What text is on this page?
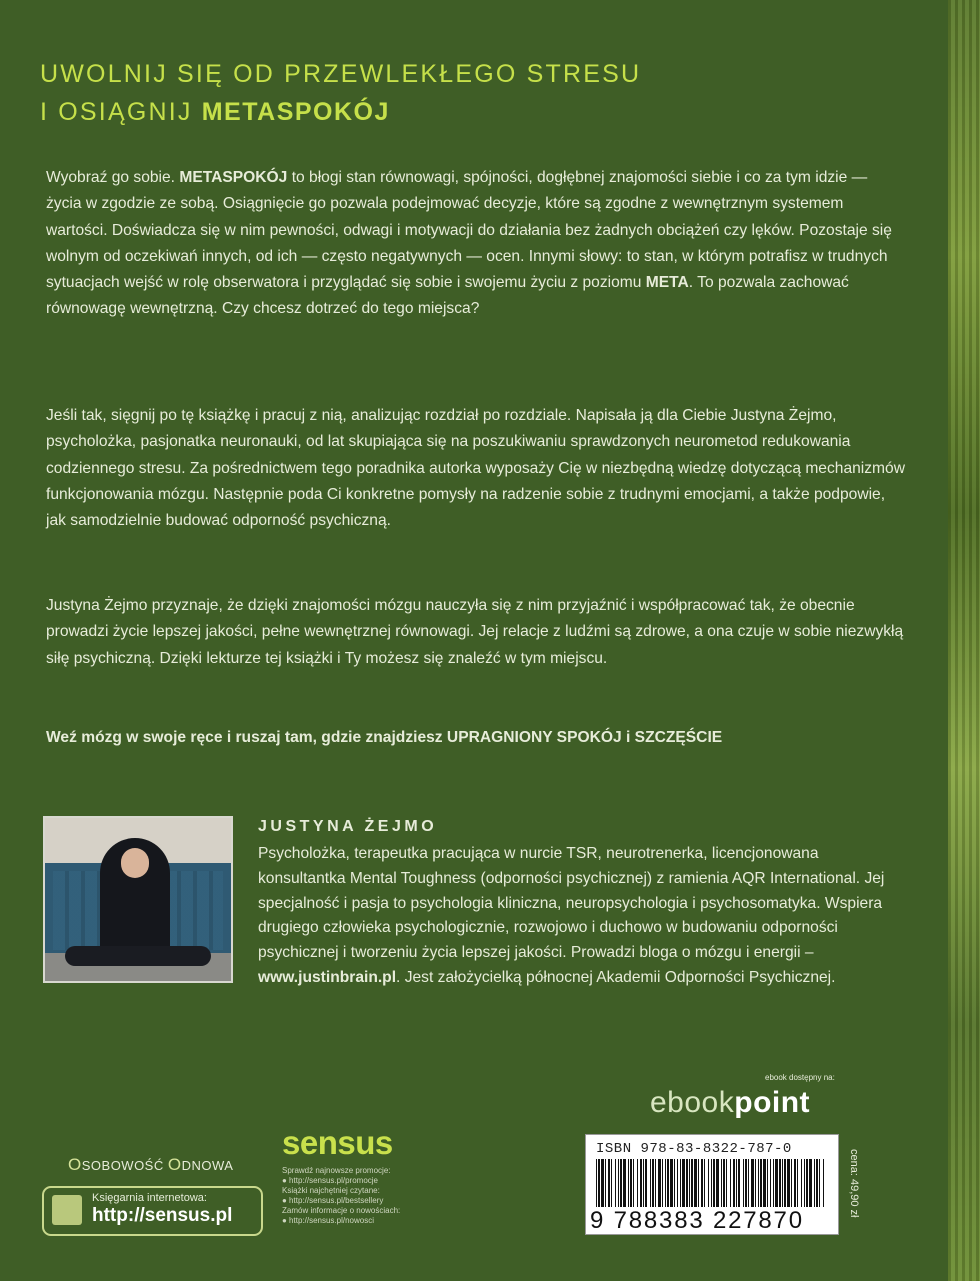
UWOLNIJ SIĘ OD PRZEWLEKŁEGO STRESU
I OSIĄGNIJ METASPOKÓJ
Wyobraź go sobie. METASPOKÓJ to błogi stan równowagi, spójności, dogłębnej znajomości siebie i co za tym idzie — życia w zgodzie ze sobą. Osiągnięcie go pozwala podejmować decyzje, które są zgodne z wewnętrznym systemem wartości. Doświadcza się w nim pewności, odwagi i motywacji do działania bez żadnych obciążeń czy lęków. Pozostaje się wolnym od oczekiwań innych, od ich — często negatywnych — ocen. Innymi słowy: to stan, w którym potrafisz w trudnych sytuacjach wejść w rolę obserwatora i przyglądać się sobie i swojemu życiu z poziomu META. To pozwala zachować równowagę wewnętrzną. Czy chcesz dotrzeć do tego miejsca?
Jeśli tak, sięgnij po tę książkę i pracuj z nią, analizując rozdział po rozdziale. Napisała ją dla Ciebie Justyna Żejmo, psycholożka, pasjonatka neuronauki, od lat skupiająca się na poszukiwaniu sprawdzonych neurometod redukowania codziennego stresu. Za pośrednictwem tego poradnika autorka wyposaży Cię w niezbędną wiedzę dotyczącą mechanizmów funkcjonowania mózgu. Następnie poda Ci konkretne pomysły na radzenie sobie z trudnymi emocjami, a także podpowie, jak samodzielnie budować odporność psychiczną.
Justyna Żejmo przyznaje, że dzięki znajomości mózgu nauczyła się z nim przyjaźnić i współpracować tak, że obecnie prowadzi życie lepszej jakości, pełne wewnętrznej równowagi. Jej relacje z ludźmi są zdrowe, a ona czuje w sobie niezwykłą siłę psychiczną. Dzięki lekturze tej książki i Ty możesz się znaleźć w tym miejscu.
Weź mózg w swoje ręce i ruszaj tam, gdzie znajdziesz UPRAGNIONY SPOKÓJ i SZCZĘŚCIE
JUSTYNA ŻEJMO
Psycholożka, terapeutka pracująca w nurcie TSR, neurotrenerka, licencjonowana konsultantka Mental Toughness (odporności psychicznej) z ramienia AQR International. Jej specjalność i pasja to psychologia kliniczna, neuropsychologia i psychosomatyka. Wspiera drugiego człowieka psychologicznie, rozwojowo i duchowo w budowaniu odporności psychicznej i tworzeniu życia lepszej jakości. Prowadzi bloga o mózgu i energii – www.justinbrain.pl. Jest założycielką północnej Akademii Odporności Psychicznej.
ebook dostępny na:
ebookpoint
ISBN 978-83-8322-787-0
9 788383 227870
cena: 49,90 zł
OSOBOWOŚĆ ODNOWA
sensus
Sprawdź najnowsze promocje:
● http://sensus.pl/promocje
Książki najchętniej czytane:
● http://sensus.pl/bestsellery
Zamów informacje o nowościach:
● http://sensus.pl/nowosci
Księgarnia internetowa:
http://sensus.pl
